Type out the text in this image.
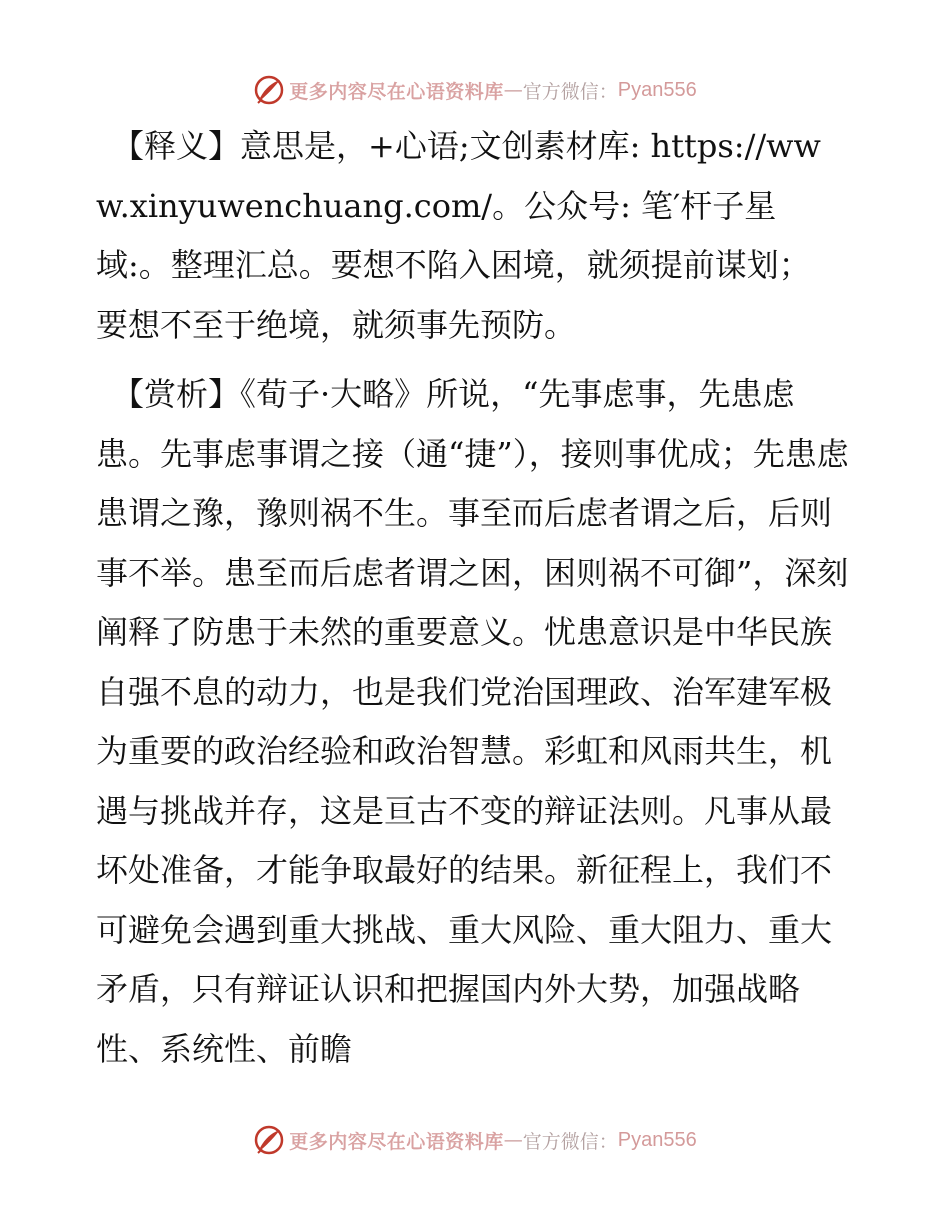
更多内容尽在心语资料库 — 官方微信 ： Pyan556

　【释义】意思是，+心语;文创素材库: https://www.xinyuwenchuang.com/。公众号: 笔′杆子星域:。整理汇总。要想不陷入困境，就须提前谋划；要想不至于绝境，就须事先预防。

　【赏析】《荀子·大略》所说，“先事虑事，先患虑患。先事虑事谓之接（通“捷”），接则事优成；先患虑患谓之豫，豫则祸不生。事至而后虑者谓之后，后则事不举。患至而后虑者谓之困，困则祸不可御”，深刻阐释了防患于未然的重要意义。忧患意识是中华民族自强不息的动力，也是我们党治国理政、治军建军极为重要的政治经验和政治智慧。彩虹和风雨共生，机遇与挑战并存，这是亘古不变的辩证法则。凡事从最坏处准备，才能争取最好的结果。新征程上，我们不可避免会遇到重大挑战、重大风险、重大阻力、重大矛盾，只有辩证认识和把握国内外大势，加强战略性、系统性、前瞻

更多内容尽在心语资料库 — 官方微信 ： Pyan556
